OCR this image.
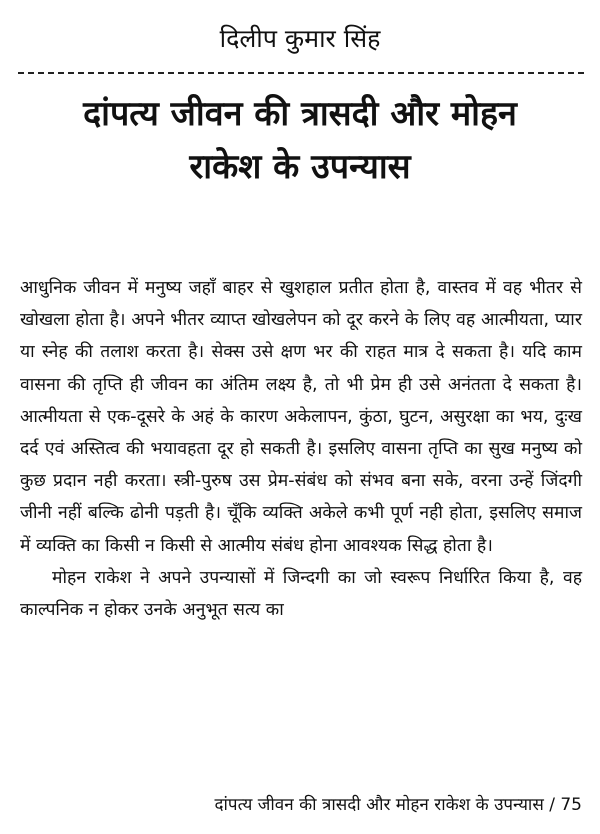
दिलीप कुमार सिंह
दांपत्य जीवन की त्रासदी और मोहन
राकेश के उपन्यास

आधुनिक जीवन में मनुष्य जहाँ बाहर से खुशहाल प्रतीत होता है, वास्तव में वह भीतर से खोखला होता है। अपने भीतर व्याप्त खोखलेपन को दूर करने के लिए वह आत्मीयता, प्यार या स्नेह की तलाश करता है। सेक्स उसे क्षण भर की राहत मात्र दे सकता है। यदि काम वासना की तृप्ति ही जीवन का अंतिम लक्ष्य है, तो भी प्रेम ही उसे अनंतता दे सकता है। आत्मीयता से एक-दूसरे के अहं के कारण अकेलापन, कुंठा, घुटन, असुरक्षा का भय, दुःख दर्द एवं अस्तित्व की भयावहता दूर हो सकती है। इसलिए वासना तृप्ति का सुख मनुष्य को कुछ प्रदान नही करता। स्त्री-पुरुष उस प्रेम-संबंध को संभव बना सके, वरना उन्हें जिंदगी जीनी नहीं बल्कि ढोनी पड़ती है। चूँकि व्यक्ति अकेले कभी पूर्ण नही होता, इसलिए समाज में व्यक्ति का किसी न किसी से आत्मीय संबंध होना आवश्यक सिद्ध होता है।

मोहन राकेश ने अपने उपन्यासों में जिन्दगी का जो स्वरूप निर्धारित किया है, वह काल्पनिक न होकर उनके अनुभूत सत्य का

दांपत्य जीवन की त्रासदी और मोहन राकेश के उपन्यास / 75
